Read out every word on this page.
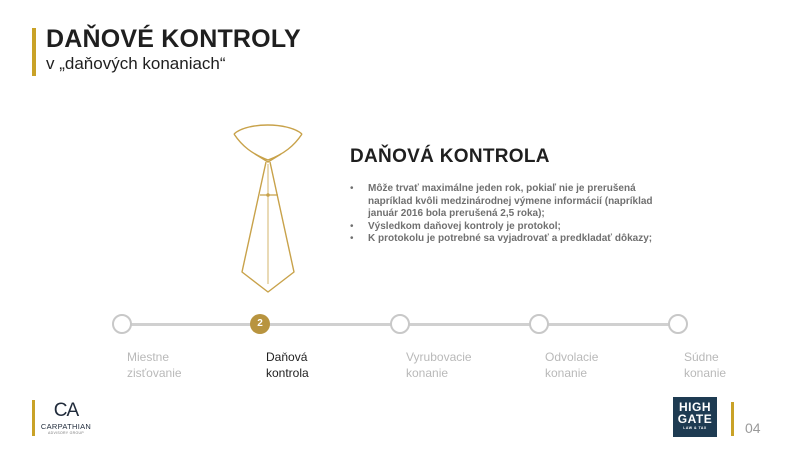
DAŇOVÉ KONTROLY
v „daňových konaniach“
DAŇOVÁ KONTROLA
• Môže trvať maximálne jeden rok, pokiaľ nie je prerušená napríklad kvôli medzinárodnej výmene informácií (napríklad január 2016 bola prerušená 2,5 roka);
• Výsledkom daňovej kontroly je protokol;
• K protokolu je potrebné sa vyjadrovať a predkladať dôkazy;
2
Miestne
zisťovanie
Daňová
kontrola
Vyrubovacie
konanie
Odvolacie
konanie
Súdne
konanie
CA
CARPATHIAN
ADVISORY GROUP
HIGH
GATE
LAW & TAX	04
